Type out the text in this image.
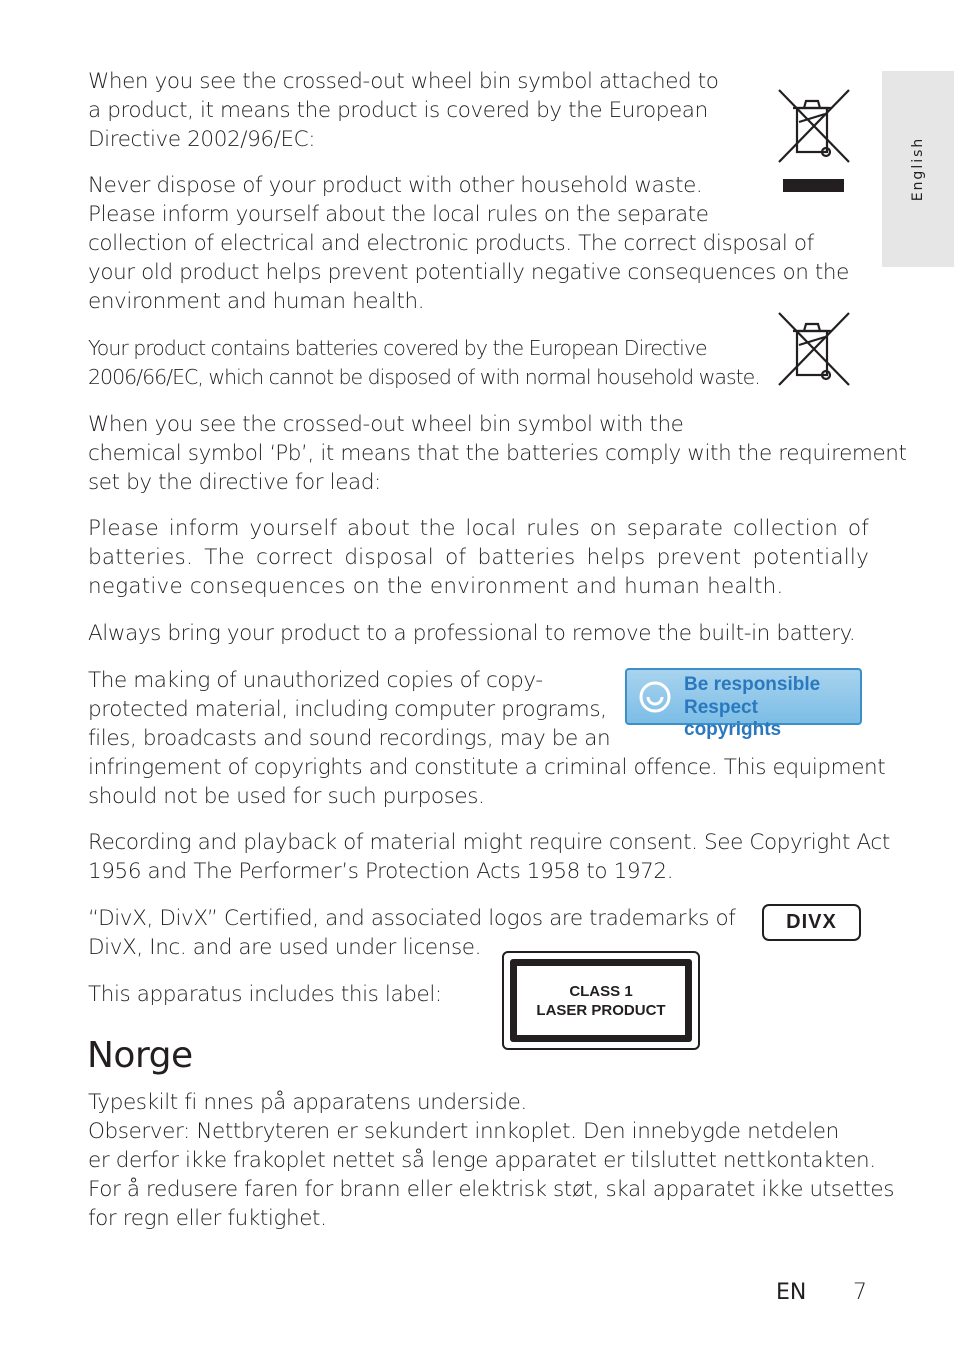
English

When you see the crossed-out wheel bin symbol attached to
a product, it means the product is covered by the European
Directive 2002/96/EC:

Never dispose of your product with other household waste.
Please inform yourself about the local rules on the separate
collection of electrical and electronic products. The correct disposal of
your old product helps prevent potentially negative consequences on the
environment and human health.

Your product contains batteries covered by the European Directive
2006/66/EC, which cannot be disposed of with normal household waste.

When you see the crossed-out wheel bin symbol with the
chemical symbol ‘Pb’, it means that the batteries comply with the requirement
set by the directive for lead:

Please inform yourself about the local rules on separate collection of batteries. The correct disposal of batteries helps prevent potentially negative consequences on the environment and human health.

Always bring your product to a professional to remove the built-in battery.

The making of unauthorized copies of copy-
protected material, including computer programs,
files, broadcasts and sound recordings, may be an
infringement of copyrights and constitute a criminal offence. This equipment
should not be used for such purposes.

Be responsible
Respect copyrights

Recording and playback of material might require consent. See Copyright Act
1956 and The Performer’s Protection Acts 1958 to 1972.

“DivX, DivX” Certified, and associated logos are trademarks of
DivX, Inc. and are used under license.

DIVX

This apparatus includes this label:	CLASS 1
LASER PRODUCT
Norge

Typeskilt fi nnes på apparatens underside.
Observer: Nettbryteren er sekundert innkoplet. Den innebygde netdelen
er derfor ikke frakoplet nettet så lenge apparatet er tilsluttet nettkontakten.
For å redusere faren for brann eller elektrisk støt, skal apparatet ikke utsettes
for regn eller fuktighet.

EN 7
